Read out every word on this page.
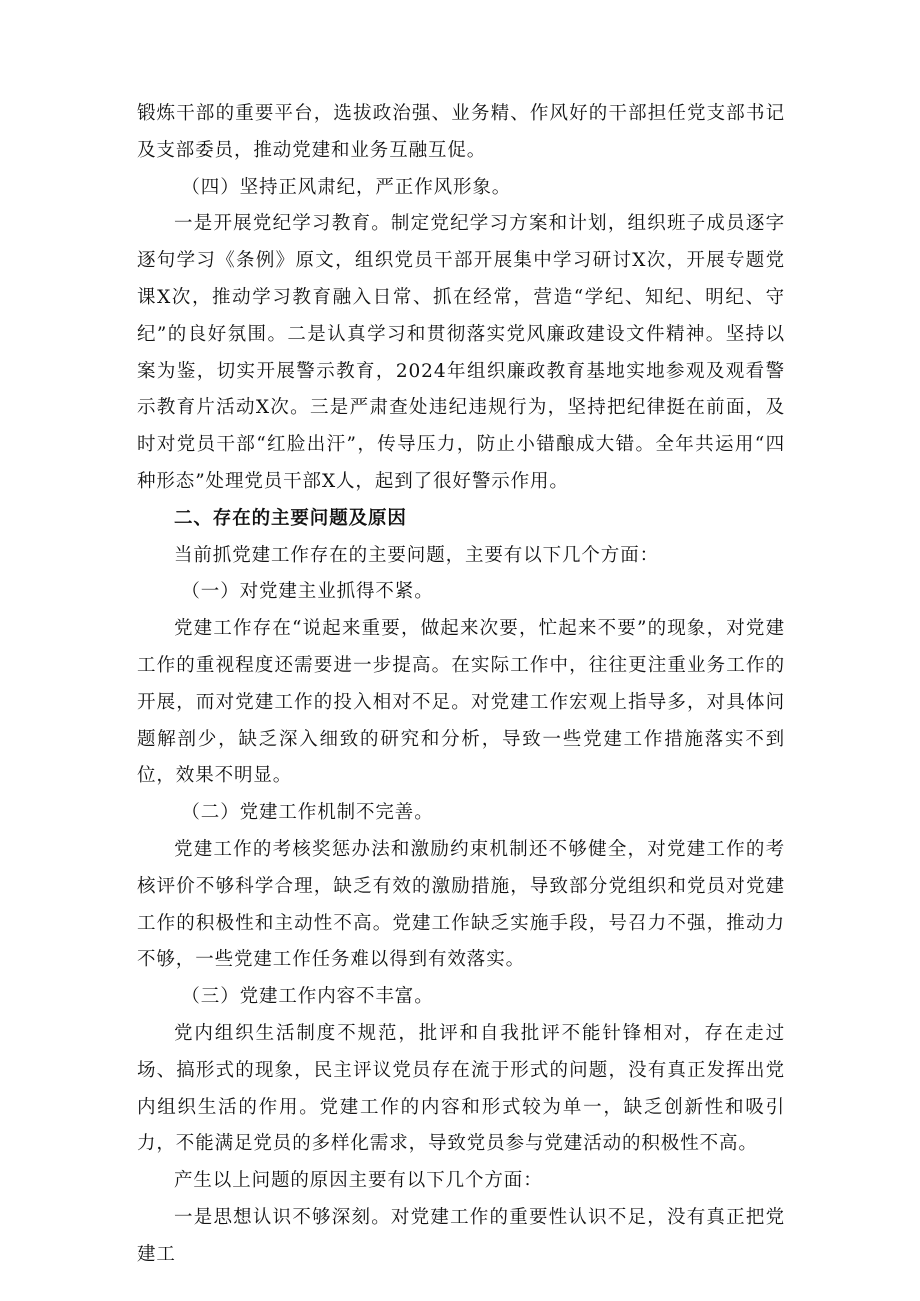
锻炼干部的重要平台，选拔政治强、业务精、作风好的干部担任党支部书记及支部委员，推动党建和业务互融互促。

（四）坚持正风肃纪，严正作风形象。

一是开展党纪学习教育。制定党纪学习方案和计划，组织班子成员逐字逐句学习《条例》原文，组织党员干部开展集中学习研讨X次，开展专题党课X次，推动学习教育融入日常、抓在经常，营造“学纪、知纪、明纪、守纪”的良好氛围。二是认真学习和贯彻落实党风廉政建设文件精神。坚持以案为鉴，切实开展警示教育，2024年组织廉政教育基地实地参观及观看警示教育片活动X次。三是严肃查处违纪违规行为，坚持把纪律挺在前面，及时对党员干部“红脸出汗”，传导压力，防止小错酿成大错。全年共运用“四种形态”处理党员干部X人，起到了很好警示作用。

二、存在的主要问题及原因

当前抓党建工作存在的主要问题，主要有以下几个方面：

（一）对党建主业抓得不紧。

党建工作存在“说起来重要，做起来次要，忙起来不要”的现象，对党建工作的重视程度还需要进一步提高。在实际工作中，往往更注重业务工作的开展，而对党建工作的投入相对不足。对党建工作宏观上指导多，对具体问题解剖少，缺乏深入细致的研究和分析，导致一些党建工作措施落实不到位，效果不明显。

（二）党建工作机制不完善。

党建工作的考核奖惩办法和激励约束机制还不够健全，对党建工作的考核评价不够科学合理，缺乏有效的激励措施，导致部分党组织和党员对党建工作的积极性和主动性不高。党建工作缺乏实施手段，号召力不强，推动力不够，一些党建工作任务难以得到有效落实。

（三）党建工作内容不丰富。

党内组织生活制度不规范，批评和自我批评不能针锋相对，存在走过场、搞形式的现象，民主评议党员存在流于形式的问题，没有真正发挥出党内组织生活的作用。党建工作的内容和形式较为单一，缺乏创新性和吸引力，不能满足党员的多样化需求，导致党员参与党建活动的积极性不高。

产生以上问题的原因主要有以下几个方面：

一是思想认识不够深刻。对党建工作的重要性认识不足，没有真正把党建工
